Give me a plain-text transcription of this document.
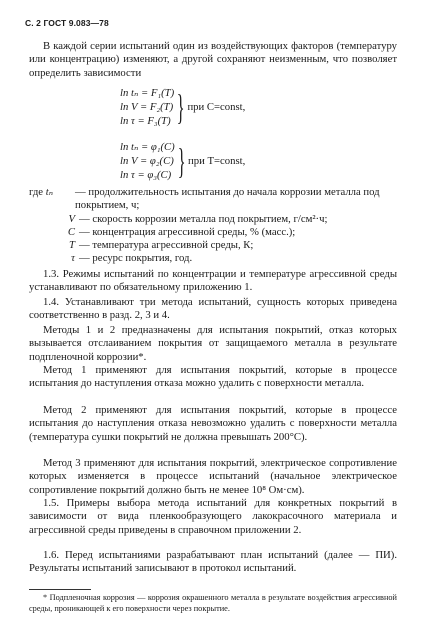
С. 2 ГОСТ 9.083—78

В каждой серии испытаний один из воздействующих факторов (температуру или концентрацию) изменяют, а другой сохраняют неизменным, что позволяет определить зависимости

ln tₙ = F₁(T)
ln V = F₂(T)
ln τ = F₃(T) } при C=const,
ln tₙ = φ₁(C)
ln V = φ₂(C)
ln τ = φ₃(C) } при T=const,
где tₙ	— продолжительность испытания до начала коррозии металла под покрытием, ч;
V — скорость коррозии металла под покрытием, г/см²·ч;
C — концентрация агрессивной среды, % (масс.);
T — температура агрессивной среды, К;
τ — ресурс покрытия, год.

1.3. Режимы испытаний по концентрации и температуре агрессивной среды устанавливают по обязательному приложению 1.

1.4. Устанавливают три метода испытаний, сущность которых приведена соответственно в разд. 2, 3 и 4.

Методы 1 и 2 предназначены для испытания покрытий, отказ которых вызывается отслаиванием покрытия от защищаемого металла в результате подпленочной коррозии*.

Метод 1 применяют для испытания покрытий, которые в процессе испытания до наступления отказа можно удалить с поверхности металла.

Метод 2 применяют для испытания покрытий, которые в процессе испытания до наступления отказа невозможно удалить с поверхности металла (температура сушки покрытий не должна превышать 200°C).

Метод 3 применяют для испытания покрытий, электрическое сопротивление которых изменяется в процессе испытаний (начальное электрическое сопротивление покрытий должно быть не менее 10⁸ Ом·см).

1.5. Примеры выбора метода испытаний для конкретных покрытий в зависимости от вида пленкообразующего лакокрасочного материала и агрессивной среды приведены в справочном приложении 2.

1.6. Перед испытаниями разрабатывают план испытаний (далее — ПИ). Результаты испытаний записывают в протокол испытаний.

* Подпленочная коррозия — коррозия окрашенного металла в результате воздействия агрессивной среды, проникающей к его поверхности через покрытие.
